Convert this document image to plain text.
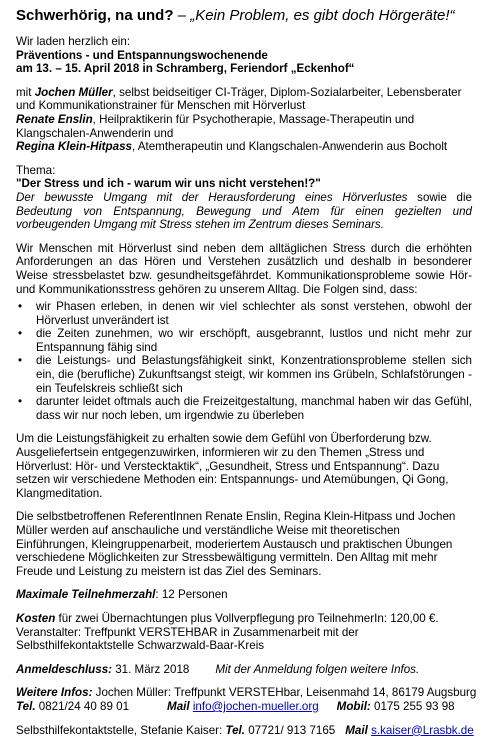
Schwerhörig, na und? – „Kein Problem, es gibt doch Hörgeräte!“

Wir laden herzlich ein:

Präventions - und Entspannungswochenende

am 13. – 15. April 2018 in Schramberg, Feriendorf „Eckenhof“

mit Jochen Müller, selbst beidseitiger CI-Träger, Diplom-Sozialarbeiter, Lebensberater und Kommunikationstrainer für Menschen mit Hörverlust

Renate Enslin, Heilpraktikerin für Psychotherapie, Massage-Therapeutin und Klangschalen-Anwenderin und

Regina Klein-Hitpass, Atemtherapeutin und Klangschalen-Anwenderin aus Bocholt

Thema:

"Der Stress und ich - warum wir uns nicht verstehen!?"

Der bewusste Umgang mit der Herausforderung eines Hörverlustes sowie die Bedeutung von Entspannung, Bewegung und Atem für einen gezielten und vorbeugenden Umgang mit Stress stehen im Zentrum dieses Seminars.

Wir Menschen mit Hörverlust sind neben dem alltäglichen Stress durch die erhöhten Anforderungen an das Hören und Verstehen zusätzlich und deshalb in besonderer Weise stressbelastet bzw. gesundheitsgefährdet. Kommunikationsprobleme sowie Hör- und Kommunikationsstress gehören zu unserem Alltag. Die Folgen sind, dass:

• wir Phasen erleben, in denen wir viel schlechter als sonst verstehen, obwohl der Hörverlust unverändert ist
• die Zeiten zunehmen, wo wir erschöpft, ausgebrannt, lustlos und nicht mehr zur Entspannung fähig sind
• die Leistungs- und Belastungsfähigkeit sinkt, Konzentrationsprobleme stellen sich ein, die (berufliche) Zukunftsangst steigt, wir kommen ins Grübeln, Schlafstörungen - ein Teufelskreis schließt sich
• darunter leidet oftmals auch die Freizeitgestaltung, manchmal haben wir das Gefühl, dass wir nur noch leben, um irgendwie zu überleben

Um die Leistungsfähigkeit zu erhalten sowie dem Gefühl von Überforderung bzw. Ausgeliefertsein entgegenzuwirken, informieren wir zu den Themen „Stress und Hörverlust: Hör- und Verstecktaktik“, „Gesundheit, Stress und Entspannung“. Dazu setzen wir verschiedene Methoden ein: Entspannungs- und Atemübungen, Qi Gong, Klangmeditation.

Die selbstbetroffenen ReferentInnen Renate Enslin, Regina Klein-Hitpass und Jochen Müller werden auf anschauliche und verständliche Weise mit theoretischen Einführungen, Kleingruppenarbeit, moderiertem Austausch und praktischen Übungen verschiedene Möglichkeiten zur Stressbewältigung vermitteln. Den Alltag mit mehr Freude und Leistung zu meistern ist das Ziel des Seminars.

Maximale Teilnehmerzahl: 12 Personen

Kosten für zwei Übernachtungen plus Vollverpflegung pro TeilnehmerIn: 120,00 €.

Veranstalter: Treffpunkt VERSTEHBAR in Zusammenarbeit mit der Selbsthilfekontaktstelle Schwarzwald-Baar-Kreis

Anmeldeschluss: 31. März 2018 Mit der Anmeldung folgen weitere Infos.

Weitere Infos: Jochen Müller: Treffpunkt VERSTEHbar, Leisenmahd 14, 86179 Augsburg

Tel. 0821/24 40 89 01	Mail info@jochen-mueller.org Mobil: 0175 255 93 98

Selbsthilfekontaktstelle, Stefanie Kaiser: Tel. 07721/ 913 7165 Mail s.kaiser@Lrasbk.de
